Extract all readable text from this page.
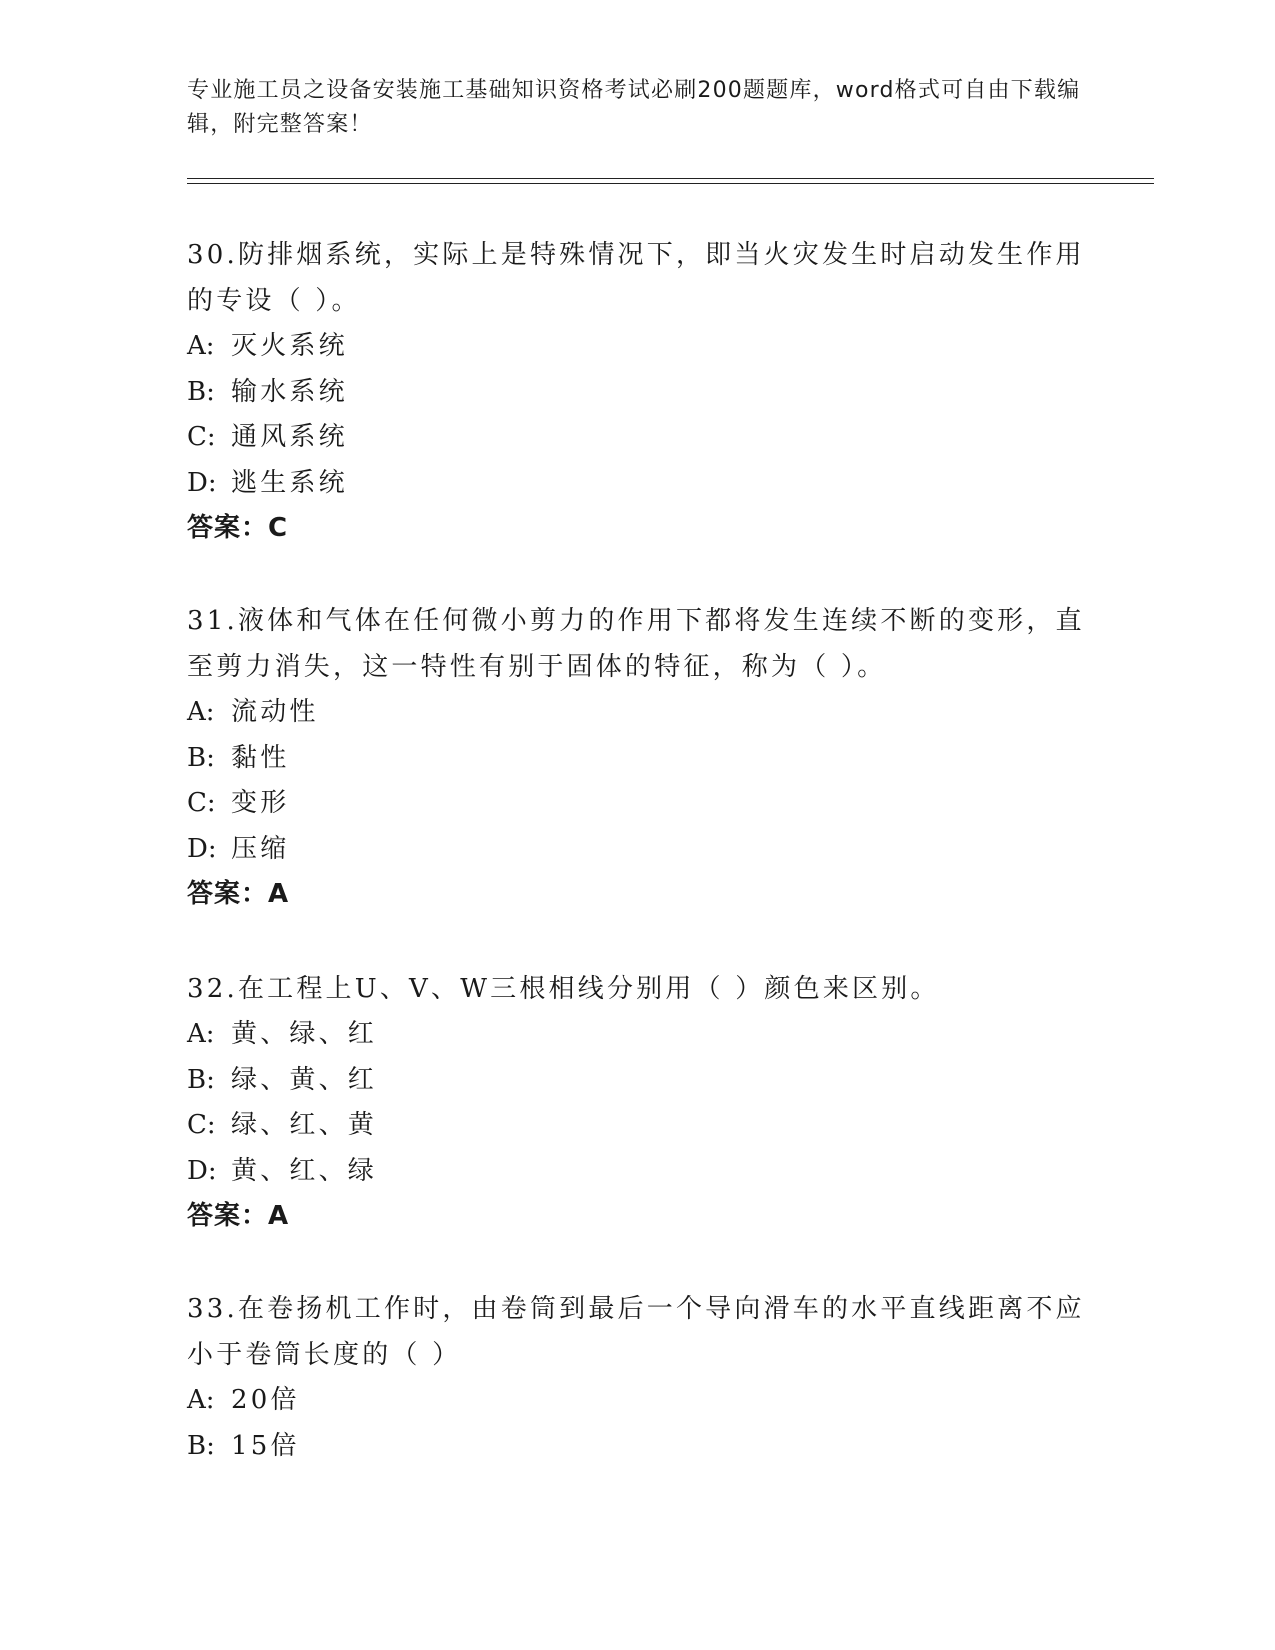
专业施工员之设备安装施工基础知识资格考试必刷200题题库，word格式可自由下载编辑，附完整答案！

30.防排烟系统，实际上是特殊情况下，即当火灾发生时启动发生作用的专设（ ）。

A: 灭火系统

B: 输水系统

C: 通风系统

D: 逃生系统

答案：C

31.液体和气体在任何微小剪力的作用下都将发生连续不断的变形，直至剪力消失，这一特性有别于固体的特征，称为（ ）。

A: 流动性

B: 黏性

C: 变形

D: 压缩

答案：A

32.在工程上U、V、W三根相线分别用（ ）颜色来区别。

A: 黄、绿、红

B: 绿、黄、红

C: 绿、红、黄

D: 黄、红、绿

答案：A

33.在卷扬机工作时，由卷筒到最后一个导向滑车的水平直线距离不应小于卷筒长度的（ ）

A: 20倍

B: 15倍
